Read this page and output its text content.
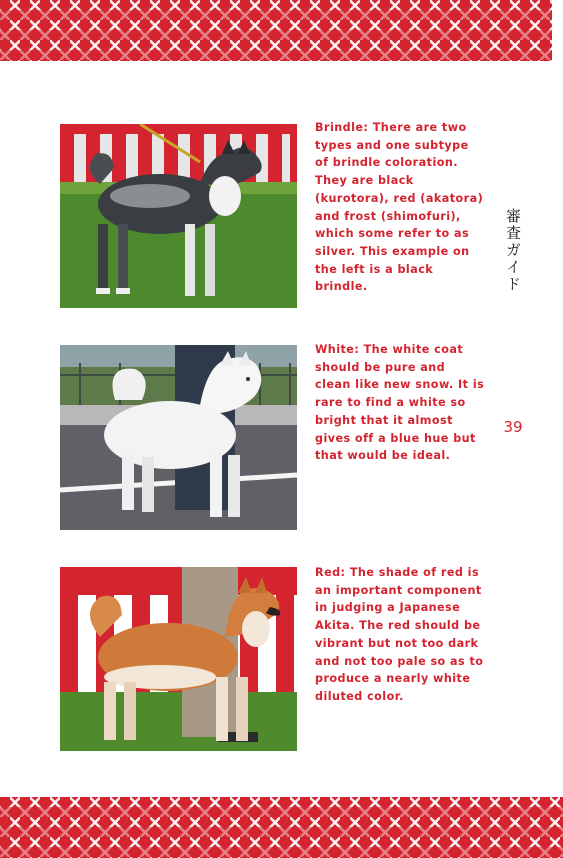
Brindle: There are two types and one subtype of brindle coloration. They are black (kurotora), red (akatora) and frost (shimofuri), which some refer to as silver. This example on the left is a black brindle.

White: The white coat should be pure and clean like new snow. It is rare to find a white so bright that it almost gives off a blue hue but that would be ideal.

Red: The shade of red is an important component in judging a Japanese Akita. The red should be vibrant but not too dark and not too pale so as to produce a nearly white diluted color.

審査ガイド
39
